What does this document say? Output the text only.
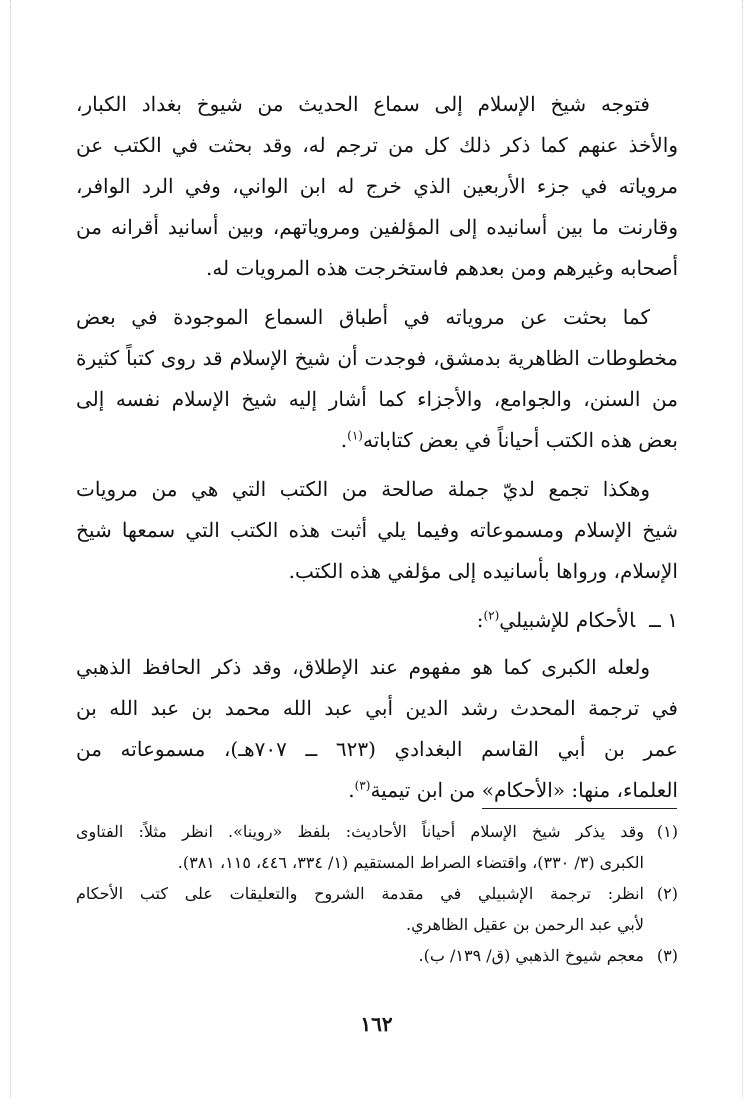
فتوجه شيخ الإسلام إلى سماع الحديث من شيوخ بغداد الكبار،
والأخذ عنهم كما ذكر ذلك كل من ترجم له، وقد بحثت في الكتب عن
مروياته في جزء الأربعين الذي خرج له ابن الواني، وفي الرد الوافر،
وقارنت ما بين أسانيده إلى المؤلفين ومروياتهم، وبين أسانيد أقرانه من
أصحابه وغيرهم ومن بعدهم فاستخرجت هذه المرويات له.

كما بحثت عن مروياته في أطباق السماع الموجودة في بعض
مخطوطات الظاهرية بدمشق، فوجدت أن شيخ الإسلام قد روى كتباً كثيرة
من السنن، والجوامع، والأجزاء كما أشار إليه شيخ الإسلام نفسه إلى
بعض هذه الكتب أحياناً في بعض كتاباته$^{(١)}$.

وهكذا تجمع لديّ جملة صالحة من الكتب التي هي من مرويات
شيخ الإسلام ومسموعاته وفيما يلي أثبت هذه الكتب التي سمعها شيخ
الإسلام، ورواها بأسانيده إلى مؤلفي هذه الكتب.

١ ــالأحكام للإشبيلي$^{(٢)}$:

ولعله الكبرى كما هو مفهوم عند الإطلاق، وقد ذكر الحافظ الذهبي
في ترجمة المحدث رشد الدين أبي عبد الله محمد بن عبد الله بن
عمر بن أبي القاسم البغدادي (٦٢٣ ــ ٧٠٧هـ)، مسموعاته من
العلماء، منها: «الأحكام» من ابن تيمية$^{(٣)}$.

(١)وقد يذكر شيخ الإسلام أحياناً الأحاديث: بلفظ «روينا». انظر مثلاً: الفتاوى
الكبرى (٣/ ٣٣٠)، واقتضاء الصراط المستقيم (١/ ٣٣٤، ٤٤٦، ١١٥، ٣٨١).
(٢)انظر: ترجمة الإشبيلي في مقدمة الشروح والتعليقات على كتب الأحكام
لأبي عبد الرحمن بن عقيل الظاهري.
(٣)معجم شيوخ الذهبي (ق/ ١٣٩/ ب).
١٦٢
